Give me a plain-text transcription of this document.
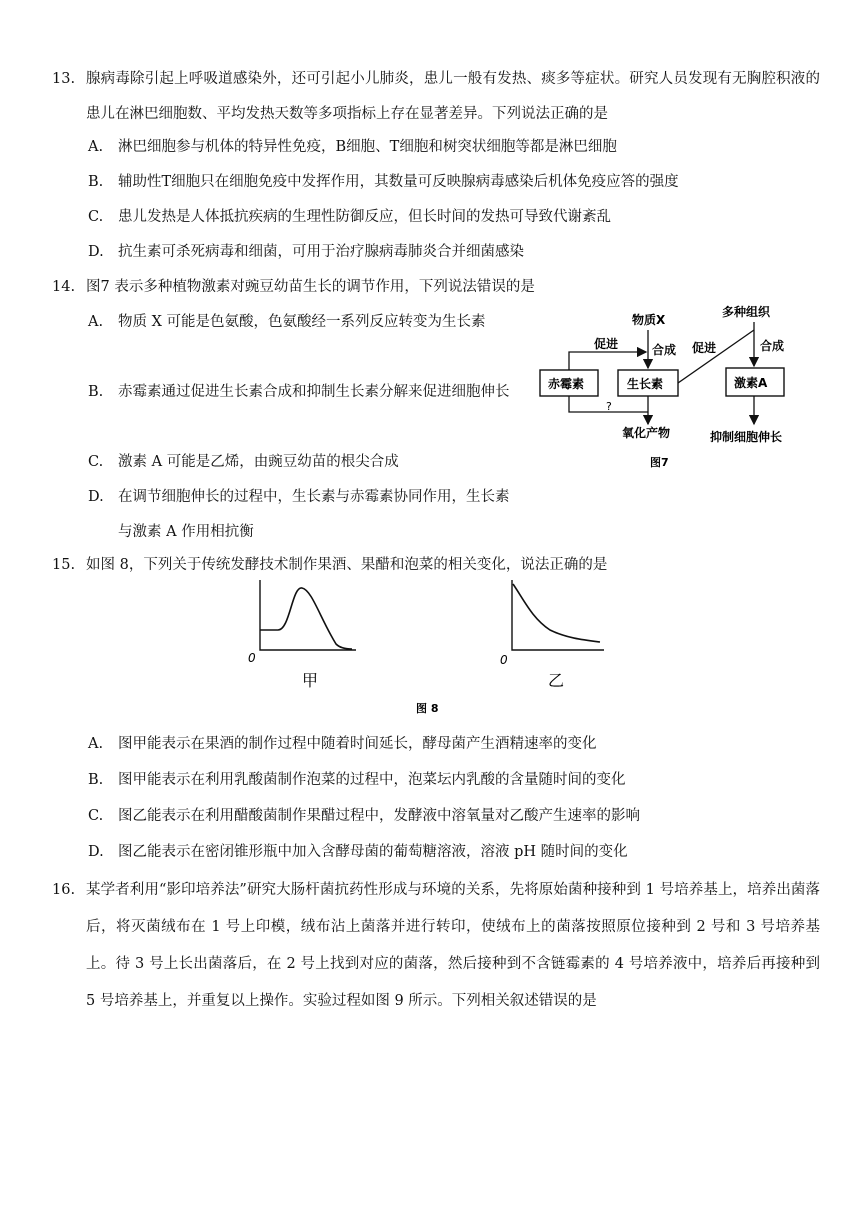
13. 腺病毒除引起上呼吸道感染外，还可引起小儿肺炎，患儿一般有发热、痰多等症状。研究人员发现有无胸腔积液的患儿在淋巴细胞数、平均发热天数等多项指标上存在显著差异。下列说法正确的是
A.	淋巴细胞参与机体的特异性免疫，B细胞、T细胞和树突状细胞等都是淋巴细胞
B.	辅助性T细胞只在细胞免疫中发挥作用，其数量可反映腺病毒感染后机体免疫应答的强度
C.	患儿发热是人体抵抗疾病的生理性防御反应，但长时间的发热可导致代谢紊乱
D. 抗生素可杀死病毒和细菌，可用于治疗腺病毒肺炎合并细菌感染
14. 图7 表示多种植物激素对豌豆幼苗生长的调节作用，下列说法错误的是
A. 物质 X 可能是色氨酸，色氨酸经一系列反应转变为生长素
B. 赤霉素通过促进生长素合成和抑制生长素分解来促进细胞伸长
C. 激素 A 可能是乙烯，由豌豆幼苗的根尖合成
D. 在调节细胞伸长的过程中，生长素与赤霉素协同作用，生长素与激素 A 作用相抗衡
物质X
多种组织
赤霉素	生长素	激素A
合成
促进
?
氧化产物
促进	合成
抑制细胞伸长
图7
15. 如图 8，下列关于传统发酵技术制作果酒、果醋和泡菜的相关变化，说法正确的是
0
甲
0
乙
图 8
A. 图甲能表示在果酒的制作过程中随着时间延长，酵母菌产生酒精速率的变化
B. 图甲能表示在利用乳酸菌制作泡菜的过程中，泡菜坛内乳酸的含量随时间的变化
C. 图乙能表示在利用醋酸菌制作果醋过程中，发酵液中溶氧量对乙酸产生速率的影响
D. 图乙能表示在密闭锥形瓶中加入含酵母菌的葡萄糖溶液，溶液 pH 随时间的变化
16. 某学者利用“影印培养法”研究大肠杆菌抗药性形成与环境的关系，先将原始菌种接种到 1 号培养基上，培养出菌落后，将灭菌绒布在 1 号上印模，绒布沾上菌落并进行转印，使绒布上的菌落按照原位接种到 2 号和 3 号培养基上。待 3 号上长出菌落后，在 2 号上找到对应的菌落，然后接种到不含链霉素的 4 号培养液中，培养后再接种到 5 号培养基上，并重复以上操作。实验过程如图 9 所示。下列相关叙述错误的是
